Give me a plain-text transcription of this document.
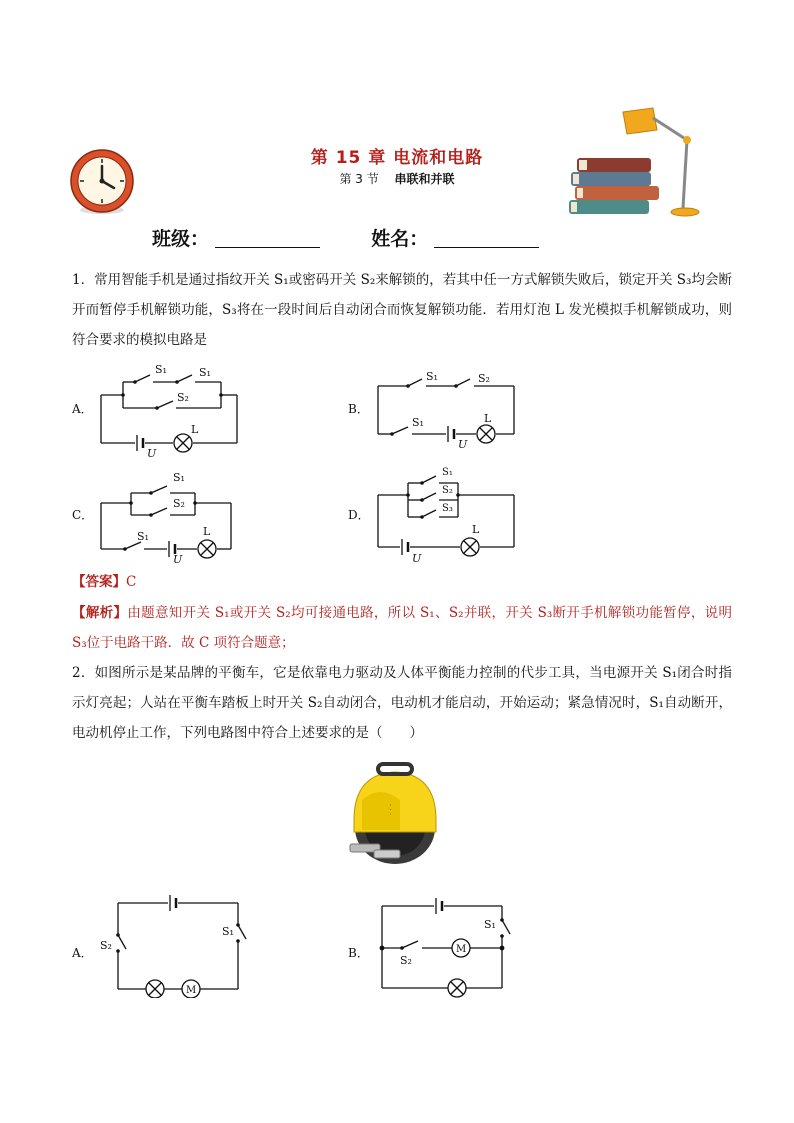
第 15 章 电流和电路
第 3 节 串联和并联
班级：	姓名：
1．常用智能手机是通过指纹开关 S₁或密码开关 S₂来解锁的，若其中任一方式解锁失败后，锁定开关 S₃均会断开而暂停手机解锁功能，S₃将在一段时间后自动闭合而恢复解锁功能．若用灯泡 L 发光模拟手机解锁成功，则符合要求的模拟电路是
A．	B．
C．	D．
S₁	S₁
S₂
U
L
S₁	S₂
S₁
U
L
S₁
S₂
S₁
U
L
S₁
S₂
S₃
U
L
【答案】C
【解析】由题意知开关 S₁或开关 S₂均可接通电路，所以 S₁、S₂并联，开关 S₃断开手机解锁功能暂停，说明 S₃位于电路干路．故 C 项符合题意；
2．如图所示是某品牌的平衡车，它是依靠电力驱动及人体平衡能力控制的代步工具，当电源开关 S₁闭合时指示灯亮起；人站在平衡车踏板上时开关 S₂自动闭合，电动机才能启动，开始运动；紧急情况时，S₁自动断开，电动机停止工作，下列电路图中符合上述要求的是（　　）
· · ·
A．	B．
S₂
S₁
M
S₂
S₁
M
